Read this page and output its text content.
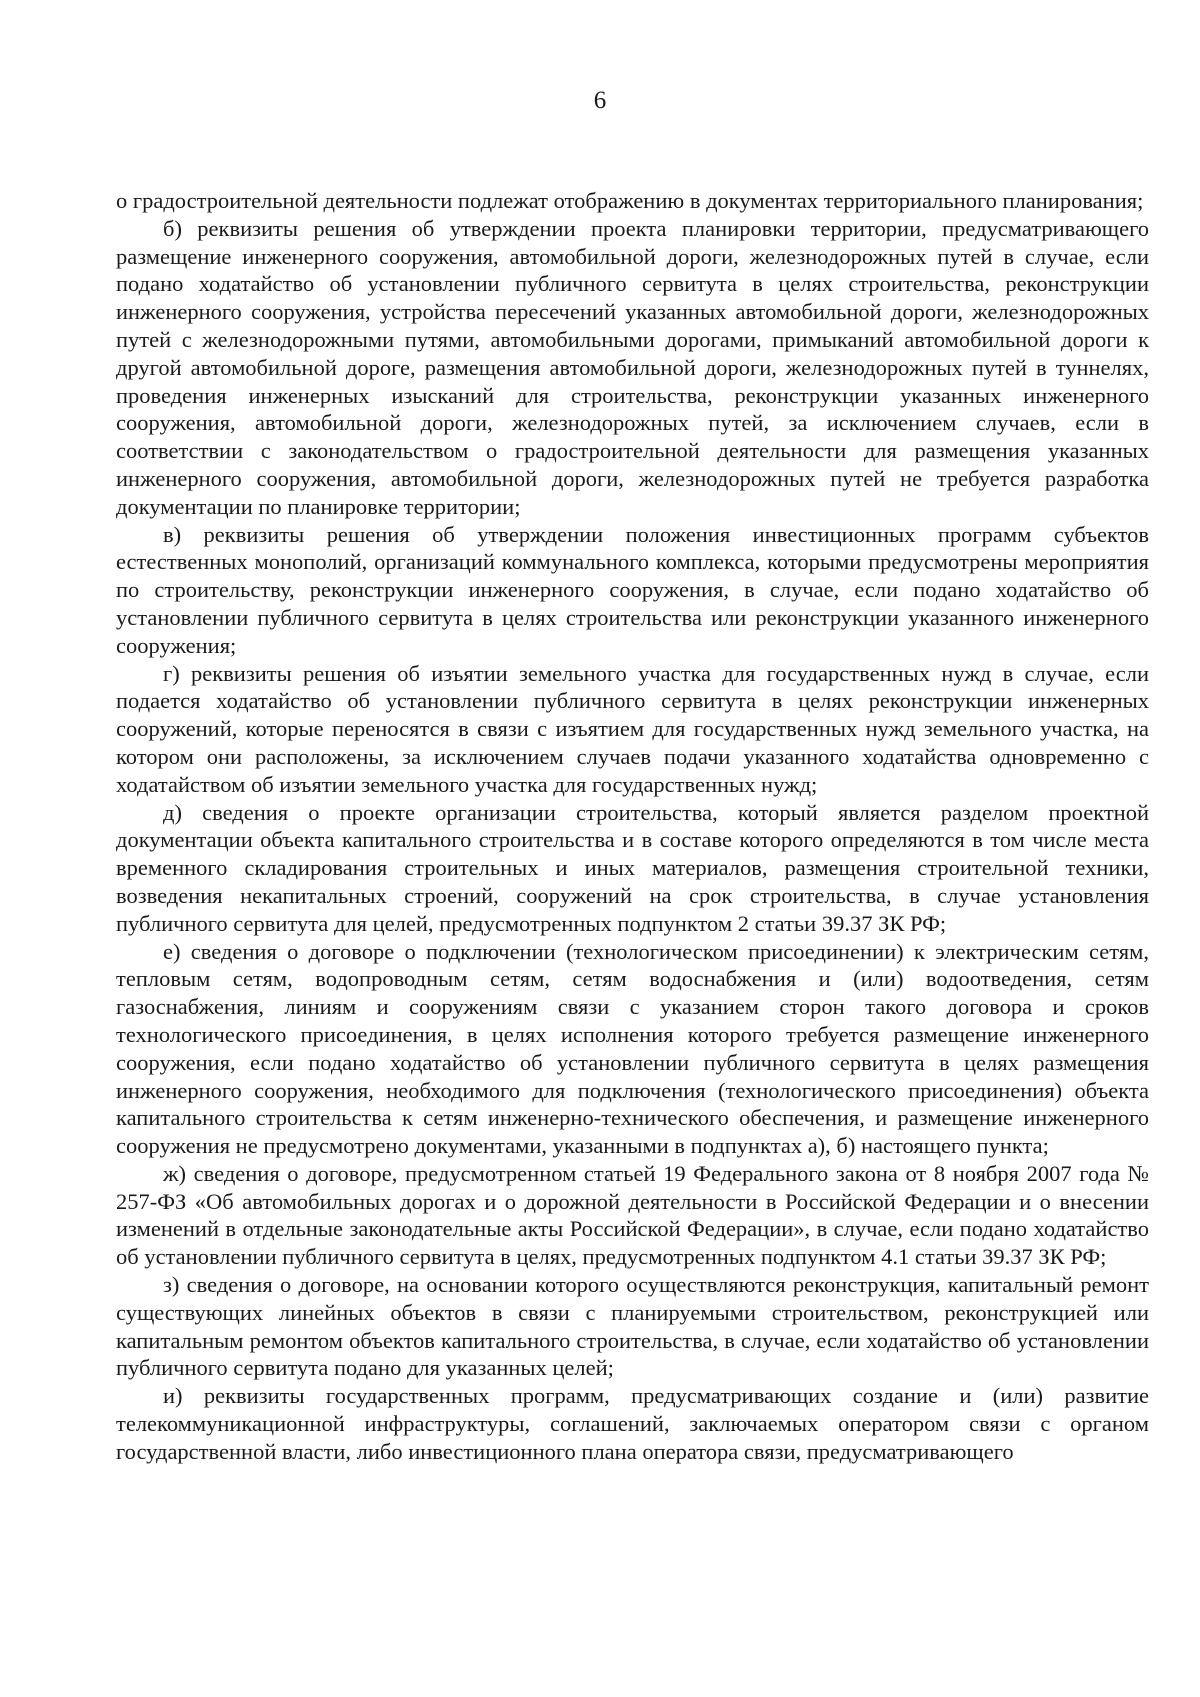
6

о градостроительной деятельности подлежат отображению в документах территориального планирования;

б) реквизиты решения об утверждении проекта планировки территории, предусматривающего размещение инженерного сооружения, автомобильной дороги, железнодорожных путей в случае, если подано ходатайство об установлении публичного сервитута в целях строительства, реконструкции инженерного сооружения, устройства пересечений указанных автомобильной дороги, железнодорожных путей с железнодорожными путями, автомобильными дорогами, примыканий автомобильной дороги к другой автомобильной дороге, размещения автомобильной дороги, железнодорожных путей в туннелях, проведения инженерных изысканий для строительства, реконструкции указанных инженерного сооружения, автомобильной дороги, железнодорожных путей, за исключением случаев, если в соответствии с законодательством о градостроительной деятельности для размещения указанных инженерного сооружения, автомобильной дороги, железнодорожных путей не требуется разработка документации по планировке территории;

в) реквизиты решения об утверждении положения инвестиционных программ субъектов естественных монополий, организаций коммунального комплекса, которыми предусмотрены мероприятия по строительству, реконструкции инженерного сооружения, в случае, если подано ходатайство об установлении публичного сервитута в целях строительства или реконструкции указанного инженерного сооружения;

г) реквизиты решения об изъятии земельного участка для государственных нужд в случае, если подается ходатайство об установлении публичного сервитута в целях реконструкции инженерных сооружений, которые переносятся в связи с изъятием для государственных нужд земельного участка, на котором они расположены, за исключением случаев подачи указанного ходатайства одновременно с ходатайством об изъятии земельного участка для государственных нужд;

д) сведения о проекте организации строительства, который является разделом проектной документации объекта капитального строительства и в составе которого определяются в том числе места временного складирования строительных и иных материалов, размещения строительной техники, возведения некапитальных строений, сооружений на срок строительства, в случае установления публичного сервитута для целей, предусмотренных подпунктом 2 статьи 39.37 ЗК РФ;

е) сведения о договоре о подключении (технологическом присоединении) к электрическим сетям, тепловым сетям, водопроводным сетям, сетям водоснабжения и (или) водоотведения, сетям газоснабжения, линиям и сооружениям связи с указанием сторон такого договора и сроков технологического присоединения, в целях исполнения которого требуется размещение инженерного сооружения, если подано ходатайство об установлении публичного сервитута в целях размещения инженерного сооружения, необходимого для подключения (технологического присоединения) объекта капитального строительства к сетям инженерно-технического обеспечения, и размещение инженерного сооружения не предусмотрено документами, указанными в подпунктах а), б) настоящего пункта;

ж) сведения о договоре, предусмотренном статьей 19 Федерального закона от 8 ноября 2007 года № 257-ФЗ «Об автомобильных дорогах и о дорожной деятельности в Российской Федерации и о внесении изменений в отдельные законодательные акты Российской Федерации», в случае, если подано ходатайство об установлении публичного сервитута в целях, предусмотренных подпунктом 4.1 статьи 39.37 ЗК РФ;

з) сведения о договоре, на основании которого осуществляются реконструкция, капитальный ремонт существующих линейных объектов в связи с планируемыми строительством, реконструкцией или капитальным ремонтом объектов капитального строительства, в случае, если ходатайство об установлении публичного сервитута подано для указанных целей;

и) реквизиты государственных программ, предусматривающих создание и (или) развитие телекоммуникационной инфраструктуры, соглашений, заключаемых оператором связи с органом государственной власти, либо инвестиционного плана оператора связи, предусматривающего
